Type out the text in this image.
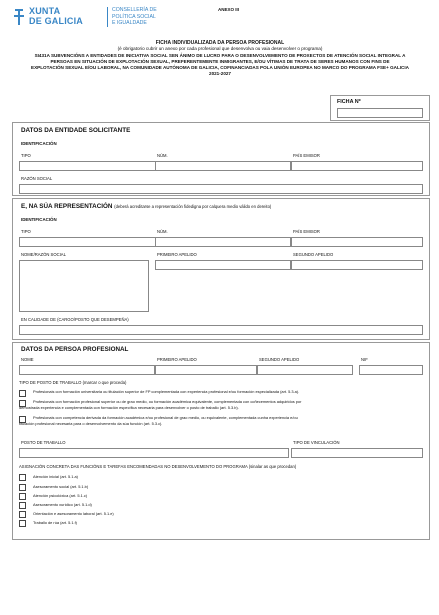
XUNTA
DE GALICIA
CONSELLERÍA DE
POLÍTICA SOCIAL
E IGUALDADE
ANEXO III
FICHA INDIVIDUALIZADA DA PERSOA PROFESIONAL
(é obrigatorio cubrir un anexo por cada profesional que desenvolva ou vaia desenvolver o programa)
SI431A SUBVENCIÓNS A ENTIDADES DE INICIATIVA SOCIAL SEN ÁNIMO DE LUCRO PARA O DESENVOLVEMENTO DE PROXECTOS DE ATENCIÓN SOCIAL INTEGRAL A
PERSOAS EN SITUACIÓN DE EXPLOTACIÓN SEXUAL, PREFERENTEMENTE INMIGRANTES, E/OU VÍTIMAS DE TRATA DE SERES HUMANOS CON FINS DE
EXPLOTACIÓN SEXUAL E/OU LABORAL, NA COMUNIDADE AUTÓNOMA DE GALICIA, COFINANCIADAS POLA UNIÓN EUROPEA NO MARCO DO PROGRAMA FSE+ GALICIA
2021-2027
FICHA Nº
DATOS DA ENTIDADE SOLICITANTE
IDENTIFICACIÓN
TIPO	NÚM.	PAÍS EMISOR
RAZÓN SOCIAL
E, NA SÚA REPRESENTACIÓN (deberá acreditarse a representación fidedigna por calquera medio válido en dereito)
IDENTIFICACIÓN
TIPO	NÚM.	PAÍS EMISOR
NOME/RAZÓN SOCIAL	PRIMEIRO APELIDO	SEGUNDO APELIDO
EN CALIDADE DE (CARGO/POSTO QUE DESEMPEÑA)
DATOS DA PERSOA PROFESIONAL
NOME	PRIMEIRO APELIDO	SEGUNDO APELIDO	NIF
TIPO DE POSTO DE TRABALLO (marcar o que proceda)
Profesionais con formación universitaria ou titulación superior de FP complementada con experiencia profesional e/ou formación especializada (art. 5.3.a).
Profesionais con formación profesional superior ou de grao medio, ou formación académica equivalente, complementada con coñecementos adquiridos por
demostrada experiencia e complementada con formación específica necesaria para desenvolver o posto de traballo (art. 5.3.b).
Profesionais con competencia derivada da formación académica e/ou profesional de grao medio, ou equivalente, complementada cunha experiencia e/ou
titulación profesional necesaria para o desenvolvemento da súa función (art. 5.3.c).
POSTO DE TRABALLO	TIPO DE VINCULACIÓN
ASIGNACIÓN CONCRETA DAS FUNCIÓNS E TAREFAS ENCOMENDADAS NO DESENVOLVEMENTO DO PROGRAMA (sinalar as que procedan)
Atención inicial (art. 5.1.a)
Asesoramento social (art. 5.1.b)
Atención psicolóxica (art. 5.1.c)
Asesoramento xurídico (art. 5.1.d)
Orientación e asesoramento laboral (art. 5.1.e)
Traballo de rúa (art. 5.1.f)
